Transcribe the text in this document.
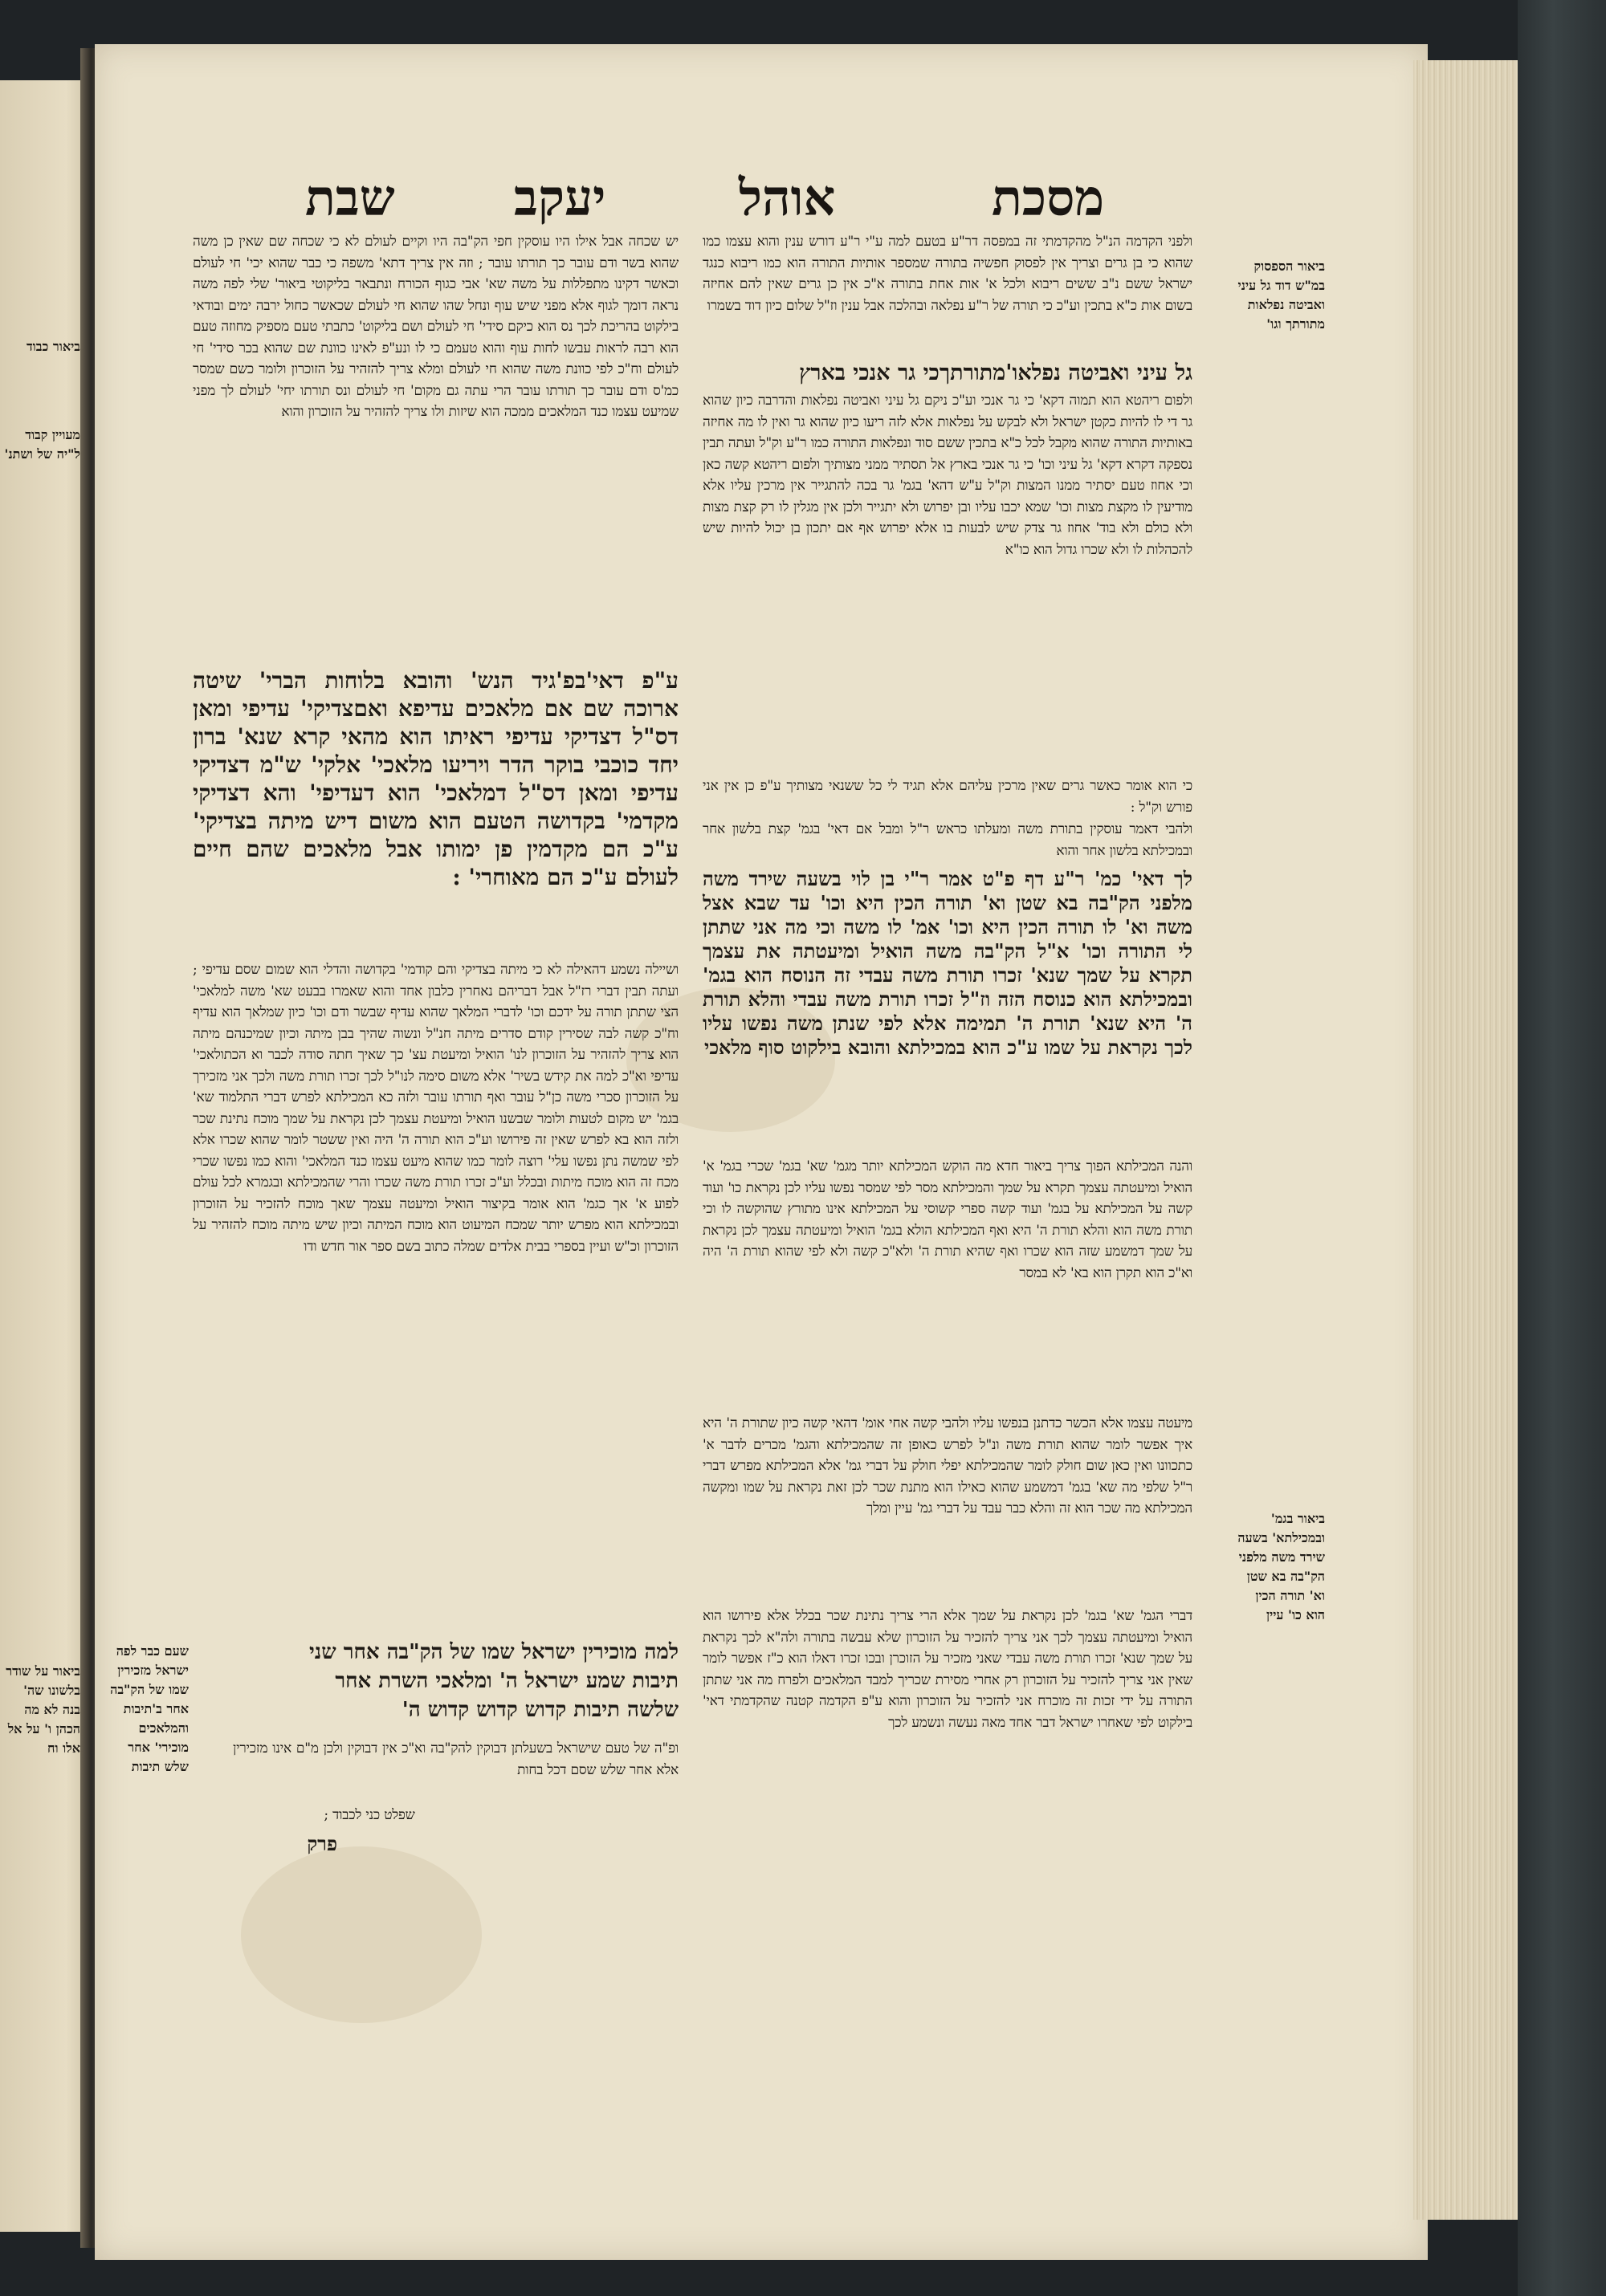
מסכת
אוהל
יעקב
שבת
ביאור הספסוק במ"ש דוד גל עיני ואביטה נפלאות מתורתך וגו'
ביאור בגמ' ובמכילתא' בשעה שירד משה מלפני הק"בה בא שטן וא' תורה הכין הוא כו' עיין
ולפני הקדמה הנ"ל מהקדמתי זה במפסה דר"ע בטעם למה ע"י ר"ע דורש ענין והוא עצמו כמו שהוא כי בן גרים וצריך אין לפסוק חפשיה בתורה שמספר אותיות התורה הוא כמו ריבוא כנגד ישראל ששם נ"ב ששים ריבוא ולכל א' אות אחת בתורה א"כ אין כן גרים שאין להם אחיזה בשום אות כ"א בתכין וע"כ כי תורה של ר"ע נפלאה ובהלכה אבל ענין וז"ל שלום כיון דוד בשמרו
גל עיני ואביטה נפלאו'מתורתךכי גר אנכי בארץ
ולפום ריהטא הוא תמוה דקא' כי גר אנכי וע"כ ניקם גל עיני ואביטה נפלאות והדרבה כיון שהוא גר די לו להיות כקטן ישראל ולא לבקש על נפלאות אלא לזה ריעו כיון שהוא גר ואין לו מה אחיזה באותיות התורה שהוא מקבל לכל כ"א בתכין ששם סוד ונפלאות התורה כמו ר"ע וק"ל ועתה תבין נספקה דקרא דקא' גל עיני וכו' כי גר אנכי בארץ אל תסתיר ממני מצותיך ולפום ריהטא קשה כאן וכי אחוז טעם יסתיר ממנו המצות וק"ל ע"ש דהא' בגמ' גר בכה להתגייר אין מרכין עליו אלא מודיעין לו מקצת מצות וכו' שמא יכבו עליו ובן יפרוש ולא יתגייר ולכן אין מגלין לו רק קצת מצות ולא כולם ולא בוד' אחוז גר צדק שיש לבעות בו אלא יפרוש אף אם יתכון בן יכול להיות שיש להכהלות לו ולא שכרו גדול הוא כו"א
כי הוא אומר כאשר גרים שאין מרכין עליהם אלא תגיד לי כל ששנאי מצותיך ע"פ כן אין אני פורש וק"ל :
ולהבי דאמר עוסקין בתורת משה ומעלתו כראש ר"ל ומבל אם דאי' בגמ' קצת בלשון אחר ובמכילתא בלשון אחר והוא
לך דאי' כמ' ר"ע דף פ"ט אמר ר"י בן לוי בשעה שירד משה מלפני הק"בה בא שטן וא' תורה הכין היא וכו' עד שבא אצל משה וא' לו תורה הכין היא וכו' אמ' לו משה וכי מה אני שתתן לי התורה וכו' א"ל הק"בה משה הואיל ומיעטתה את עצמך תקרא על שמך שנא' זכרו תורת משה עבדי זה הנוסח הוא בגמ' ובמכילתא הוא כנוסח הזה וז"ל זכרו תורת משה עבדי והלא תורת ה' היא שנא' תורת ה' תמימה אלא לפי שנתן משה נפשו עליו לכך נקראת על שמו ע"כ הוא במכילתא והובא בילקוט סוף מלאכי
והנה המכילתא הפוך צריך ביאור חדא מה הוקש המכילתא יותר מגמ' שא' בגמ' שכרי בגמ' א' הואיל ומיעטתה עצמך תקרא על שמך והמכילתא מסר לפי שמסר נפשו עליו לכן נקראת כו' ועוד קשה על המכילתא על בגמ' ועוד קשה ספרי קשוסי על המכילתא אינו מתורץ שהוקשה לו וכי תורת משה הוא והלא תורת ה' היא ואף המכילתא הולא בגמ' הואיל ומיעטתה עצמך לכן נקראת על שמך דמשמע שזה הוא שכרו ואף שהיא תורת ה' ולא"כ קשה ולא לפי שהוא תורת ה' היה וא"כ הוא תקרן הוא בא' לא במסר
מיעטה עצמו אלא הכשר כדתנן בנפשו עליו ולהבי קשה אחי אומ' דהאי קשה כיון שתורת ה' היא איך אפשר לומר שהוא תורת משה ונ"ל לפרש כאופן זה שהמכילתא והגמ' מכרים לדבר א' כתכוונו ואין כאן שום חולק לומר שהמכילתא יפלי חולק על דברי גמ' אלא המכילתא מפרש דברי ר"ל שלפי מה שא' בגמ' דמשמע שהוא כאילו הוא מתנת שכר לכן זאת נקראת על שמו ומקשה המכילתא מה שכר הוא זה והלא כבר עבד על דברי גמ' עיין ומלך
דברי הגמ' שא' בגמ' לכן נקראת על שמך אלא הרי צריך נתינת שכר בכלל אלא פירושו הוא הואיל ומיעטתה עצמך לכך אני צריך להזכיר על הזוכרון שלא עבשה בתורה ולה"א לכך נקראת על שמך שנא' זכרו תורת משה עבדי שאני מזכיר על הזוכרן ובכו זכרו דאלו הוא כ"ז אפשר לומר שאין אני צריך להזכיר על הזוכרון רק אחרי מסירת שכריך למבד המלאכים ולפרח מה אני שתתן התורה על ידי זכות זה מוכרח אני להזכיר על הזוכרון והוא ע"פ הקדמה קטנה שהקדמתי דאי' בילקוט לפי שאחרו ישראל דבר אחד מאה נעשה ונשמע לכך
יש שכחה אבל אילו היו עוסקין חפי הק"בה היו וקיים לעולם לא כי שכחה שם שאין כן משה שהוא בשר ודם עובר כך תורתו עובר ; וזה אין צריך דתא' משפה כי כבר שהוא יכי' חי לעולם וכאשר דקינו מתפללות על משה שא' אבי כגוף הכורח ונתבאר בליקוטי ביאור' שלי לפה משה נראה דומך לגוף אלא מפני שיש עוף ונחל שהו שהוא חי לעולם שכאשר כחול ירבה ימים ובודאי בילקוט בהריכת לכך נס הוא כיקם סידי' חי לעולם ושם בליקוט' כתבתי טעם מספיק מחוזה טעם הוא רבה לראות עבשו לחות עוף והוא טעמם כי לו ונע"פ לאינו כוונת שם שהוא בכר סידי' חי לעולם וח"כ לפי כוונת משה שהוא חי לעולם ומלא צריך להזהיר על הזוכרון ולומר כשם שמסר כמ'ס ודם עובר כך תורתו עובר הרי עתה גם מקום' חי לעולם ונס תורתו יחי' לעולם לך מפני שמיעט עצמו כנד המלאכים ממכה הוא שיזות ולו צריך להזהיר על הזוכרון והוא
ע"פ דאי'בפ'גיד הנש' והובא בלוחות הברי' שיטה ארוכה שם אם מלאכים עדיפא ואםצדיקי' עדיפי ומאן דס"ל דצדיקי עדיפי ראיתו הוא מהאי קרא שנא' ברון יחד כוכבי בוקר הדר ויריעו מלאכי' אלקי' ש"מ דצדיקי עדיפי ומאן דס"ל דמלאכי' הוא דעדיפי' והא דצדיקי מקדמי' בקדושה הטעם הוא משום דיש מיתה בצדיקי' ע"כ הם מקדמין פן ימותו אבל מלאכים שהם חיים לעולם ע"כ הם מאוחרי' :
ושיילה נשמע דהאילה לא כי מיתה בצדיקי והם קודמי' בקדושה והדלי הוא שמום שסם עדיפי ; ועתה תבין דברי רז"ל אבל דבריהם נאחרין כלבון אחד והוא שאמרו בבעט שא' משה למלאכי' הצי שתתן תורה על ידכם וכו' לדברי המלאך שהוא עדיף שבשר ודם וכו' כיון שמלאך הוא עדיף וח"כ קשה לבה שסירין קודם סדרים מיתה חנ"ל ונשוה שהיך בבן מיתה וכיון שמיכנהם מיתה הוא צריך להזהיר על הזוכרון לנו' הואיל ומיעטת עצ' כך שאיך חתה סודה לכבר וא הכתולאכי' עדיפי וא"כ למה את קידש בשיר' אלא משום סימה לנו"ל לכך זכרו תורת משה ולכך אני מזכירך על הזוכרון סכרי משה כן"ל עובר ואף תורתו עובר ולזה כא המכילתא לפרש דברי התלמוד שא' בגמ' יש מקום לטעות ולומר שבשנו הואיל ומיעטת עצמך לכן נקראת על שמך מוכח נתינת שכר ולזה הוא בא לפרש שאין זה פירושו וע"כ הוא תורה ה' היה ואין ששטר לומר שהוא שכרו אלא לפי שמשה נתן נפשו עלי' רוצה לומר כמו שהוא מיעט עצמו כנד המלאכי' והוא כמו נפשו שכרי מכח זה הוא מוכח מיתות ובכלל וע"כ זכרו תורת משה שכרו והרי שהמכילתא ובגמרא לכל עולם לפוע א' אך כגמ' הוא אומר בקיצור הואיל ומיעטה עצמך שאך מוכח להזכיר על הזוכרון ובמכילתא הוא מפרש יותר שמכח המיעוט הוא מוכח המיתה וכיון שיש מיתה מוכח להזהיר על הזוכרון וכ"ש ועיין בספרי בבית אלדים שמלה כתוב בשם ספר אור חדש ודו
למה מוכירין ישראל שמו של הק"בה אחר שני
תיבות שמע ישראל ה' ומלאכי השרת אחר
שלשה תיבות קדוש קדוש קדוש ה'
ופ"ה של טעם שישראל בשעלתן דבוקין להק"בה וא"כ אין דבוקין ולכן מ"ם אינו מזכירין אלא אחר שלש שסם דכל בחות
שפלט כני לכבוד ;
פרק
שעם כבר לפה ישראל מזכירין שמו של הק"בה אחר ב'תיבות והמלאכים מוכירי' אחר שלש תיבות
ביאור כבוד
מעויין קבוד ל"יה של ושתנ'
ביאור על שודר בלשונו שה' בנה לא מה הכהן ו' על אל אלו וח
